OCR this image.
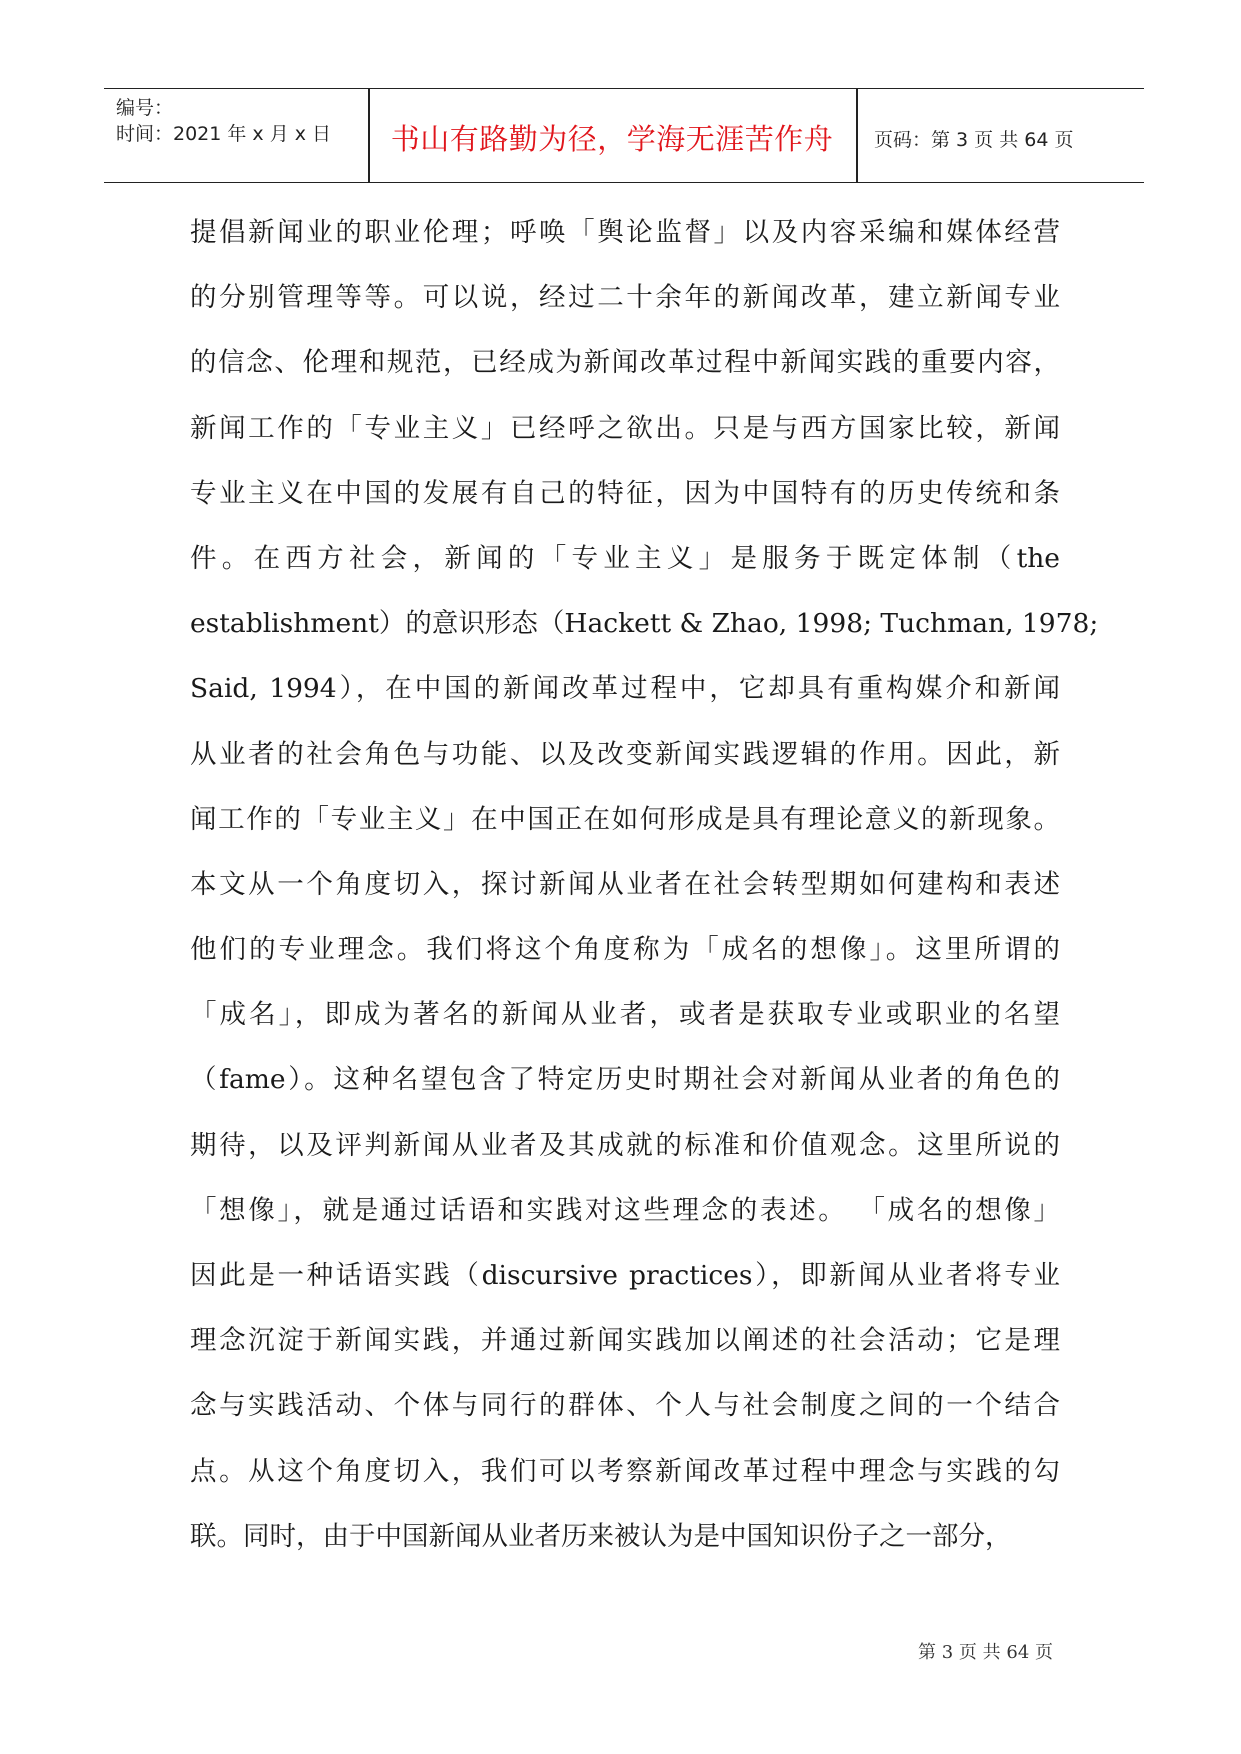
编号：
时间：2021 年 x 月 x 日	书山有路勤为径，学海无涯苦作舟	页码：第 3 页 共 64 页
提倡新闻业的职业伦理；呼唤「舆论监督」以及内容采编和媒体经营
的分别管理等等。可以说，经过二十余年的新闻改革，建立新闻专业
的信念、伦理和规范，已经成为新闻改革过程中新闻实践的重要内容，
新闻工作的「专业主义」已经呼之欲出。只是与西方国家比较，新闻
专业主义在中国的发展有自己的特征，因为中国特有的历史传统和条
件。在西方社会，新闻的「专业主义」是服务于既定体制（the
establishment）的意识形态（Hackett & Zhao, 1998; Tuchman, 1978;
Said, 1994），在中国的新闻改革过程中，它却具有重构媒介和新闻
从业者的社会角色与功能、以及改变新闻实践逻辑的作用。因此，新
闻工作的「专业主义」在中国正在如何形成是具有理论意义的新现象。
本文从一个角度切入，探讨新闻从业者在社会转型期如何建构和表述
他们的专业理念。我们将这个角度称为「成名的想像」。这里所谓的
「成名」，即成为著名的新闻从业者，或者是获取专业或职业的名望
（fame）。这种名望包含了特定历史时期社会对新闻从业者的角色的
期待，以及评判新闻从业者及其成就的标准和价值观念。这里所说的
「想像」，就是通过话语和实践对这些理念的表述。 「成名的想像」
因此是一种话语实践（discursive practices），即新闻从业者将专业
理念沉淀于新闻实践，并通过新闻实践加以阐述的社会活动；它是理
念与实践活动、个体与同行的群体、个人与社会制度之间的一个结合
点。从这个角度切入，我们可以考察新闻改革过程中理念与实践的勾
联。同时，由于中国新闻从业者历来被认为是中国知识份子之一部分，
第 3 页 共 64 页
